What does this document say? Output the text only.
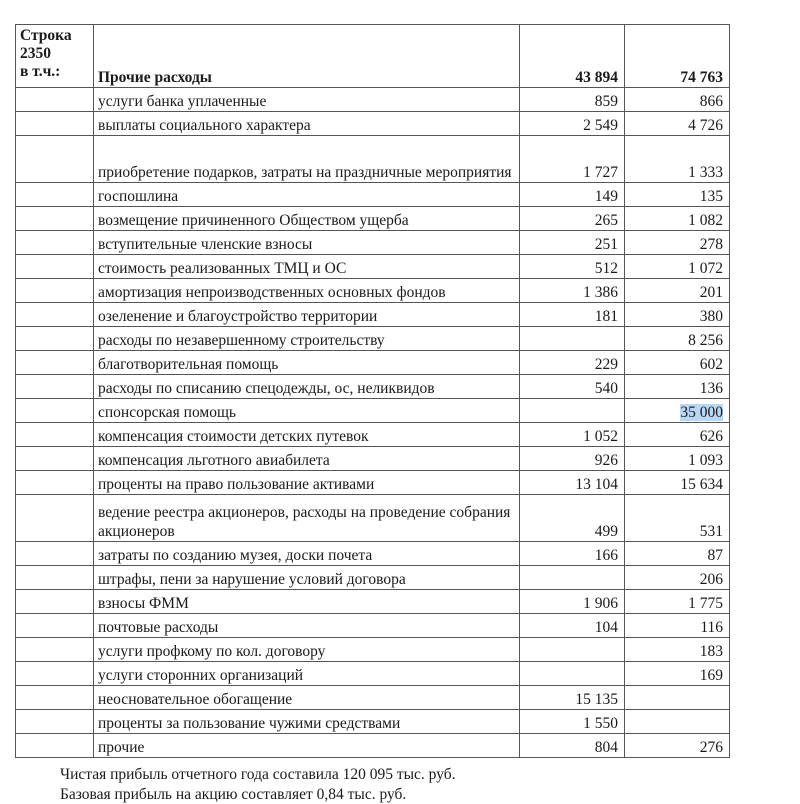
Строка
2350
в т.ч.:	Прочие расходы	43 894	74 763
	услуги банка уплаченные	859	866
	выплаты социального характера	2 549	4 726
	приобретение подарков, затраты на праздничные мероприятия	1 727	1 333
	госпошлина	149	135
	возмещение причиненного Обществом ущерба	265	1 082
	вступительные членские взносы	251	278
	стоимость реализованных ТМЦ и ОС	512	1 072
	амортизация непроизводственных основных фондов	1 386	201
	озеленение и благоустройство территории	181	380
	расходы по незавершенному строительству		8 256
	благотворительная помощь	229	602
	расходы по списанию спецодежды, ос, неликвидов	540	136
	спонсорская помощь		35 000
	компенсация стоимости детских путевок	1 052	626
	компенсация льготного авиабилета	926	1 093
	проценты на право пользование активами	13 104	15 634
	ведение реестра акционеров, расходы на проведение собрания акционеров	499	531
	затраты по созданию музея, доски почета	166	87
	штрафы, пени за нарушение условий договора		206
	взносы ФММ	1 906	1 775
	почтовые расходы	104	116
	услуги профкому по кол. договору		183
	услуги сторонних организаций		169
	неосновательное обогащение	15 135	
	проценты за пользование чужими средствами	1 550	
	прочие	804	276
Чистая прибыль отчетного года составила 120 095 тыс. руб.
Базовая прибыль на акцию составляет 0,84 тыс. руб.
